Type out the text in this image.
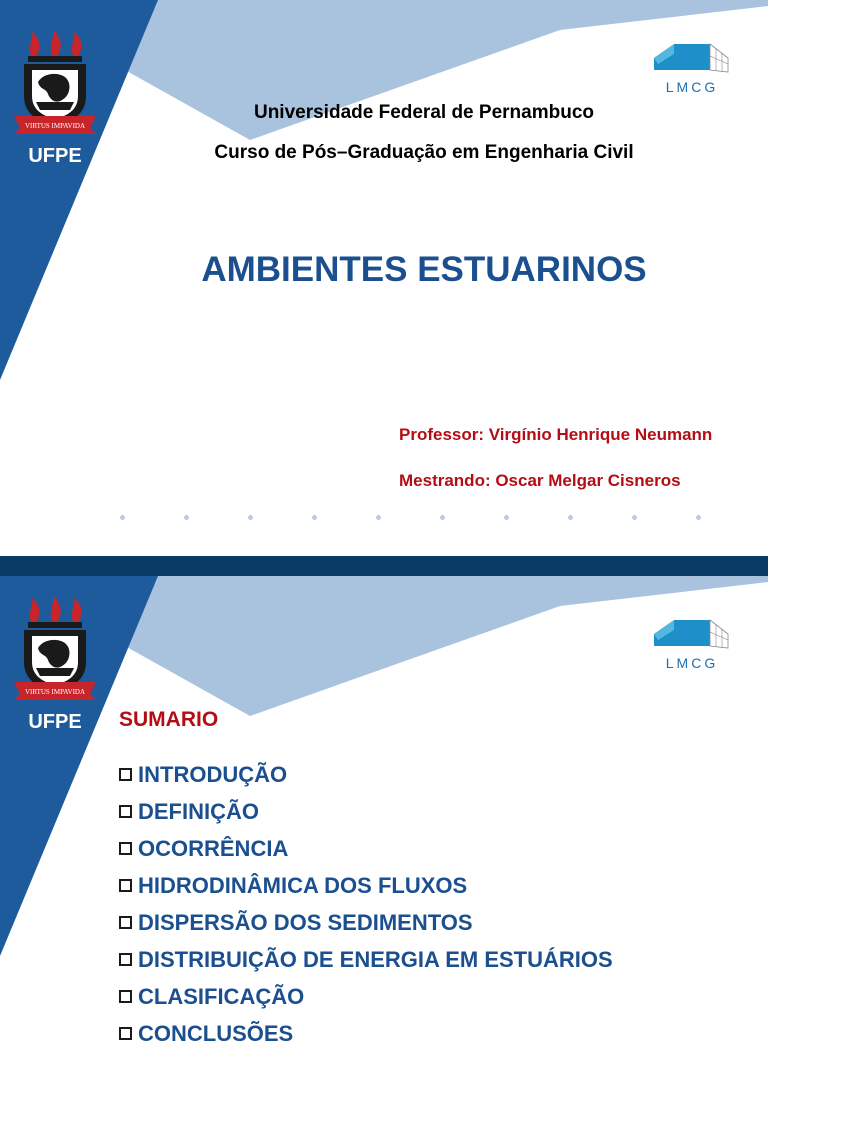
VIRTUS IMPAVIDA
UFPE
LMCG
Universidade Federal de Pernambuco
Curso de Pós–Graduação em Engenharia Civil
AMBIENTES ESTUARINOS
Professor: Virgínio Henrique Neumann
Mestrando: Oscar Melgar Cisneros
VIRTUS IMPAVIDA
UFPE
LMCG
SUMARIO
INTRODUÇÃO
DEFINIÇÃO
OCORRÊNCIA
HIDRODINÂMICA DOS FLUXOS
DISPERSÃO DOS SEDIMENTOS
DISTRIBUIÇÃO DE ENERGIA EM ESTUÁRIOS
CLASIFICAÇÃO
CONCLUSÕES
